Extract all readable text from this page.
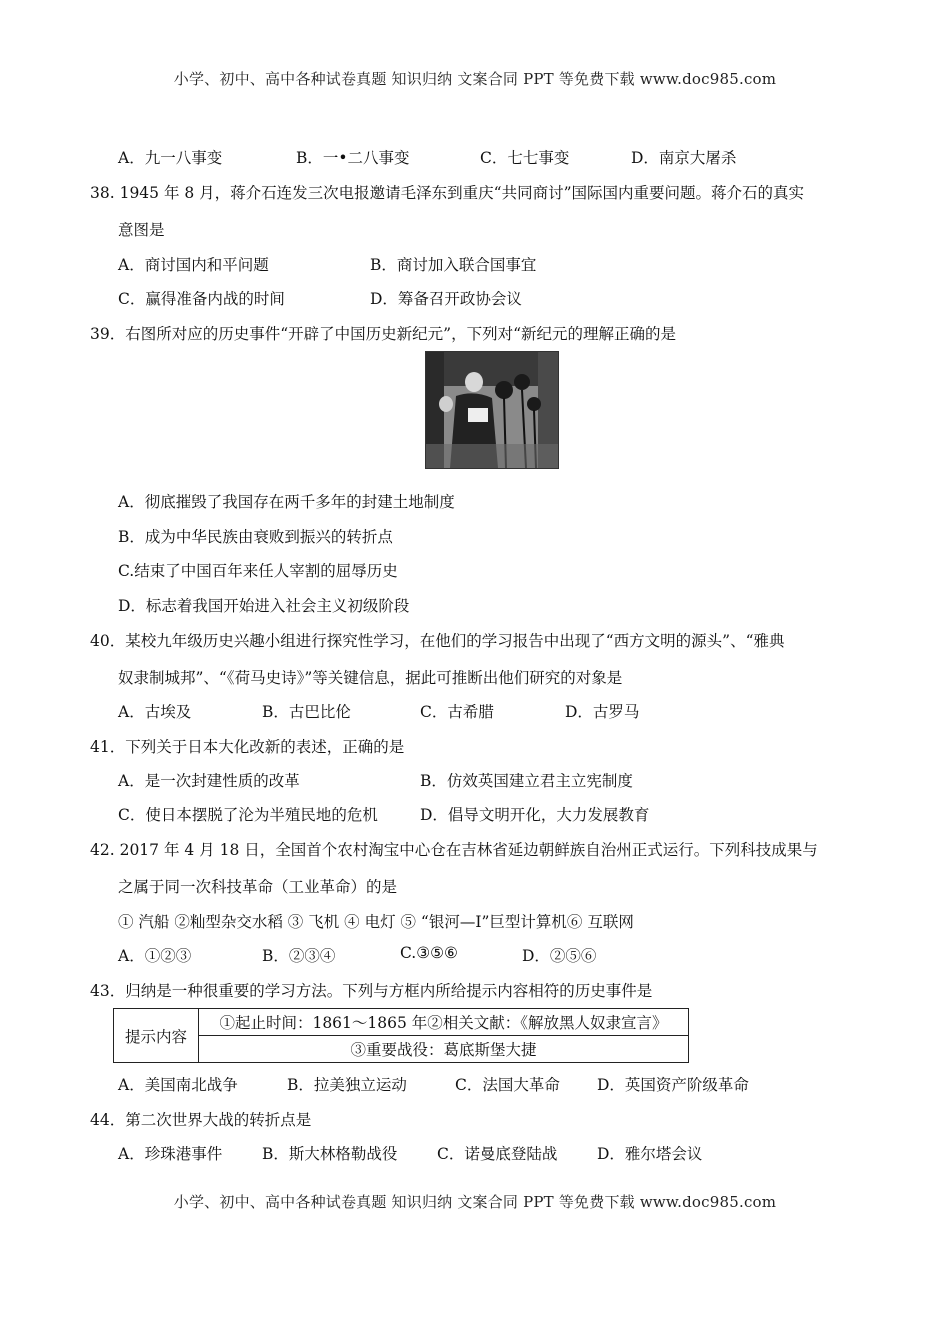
小学、初中、高中各种试卷真题 知识归纳 文案合同 PPT 等免费下载 www.doc985.com
A．九一八事变	B．一•二八事变	C．七七事变	D．南京大屠杀
38. 1945 年 8 月，蒋介石连发三次电报邀请毛泽东到重庆“共同商讨”国际国内重要问题。蒋介石的真实
意图是
A．商讨国内和平问题	B．商讨加入联合国事宜
C．赢得准备内战的时间	D．筹备召开政协会议
39．右图所对应的历史事件“开辟了中国历史新纪元”，下列对“新纪元的理解正确的是
A．彻底摧毁了我国存在两千多年的封建土地制度
B．成为中华民族由衰败到振兴的转折点
C.结束了中国百年来任人宰割的屈辱历史
D．标志着我国开始进入社会主义初级阶段
40．某校九年级历史兴趣小组进行探究性学习，在他们的学习报告中出现了“西方文明的源头”、“雅典
奴隶制城邦”、“《荷马史诗》”等关键信息，据此可推断出他们研究的对象是
A．古埃及	B．古巴比伦	C．古希腊	D．古罗马
41．下列关于日本大化改新的表述，正确的是
A．是一次封建性质的改革	B．仿效英国建立君主立宪制度
C．使日本摆脱了沦为半殖民地的危机	D．倡导文明开化，大力发展教育
42. 2017 年 4 月 18 日，全国首个农村淘宝中心仓在吉林省延边朝鲜族自治州正式运行。下列科技成果与
之属于同一次科技革命（工业革命）的是
① 汽船 ②籼型杂交水稻 ③ 飞机 ④ 电灯 ⑤ “银河—I”巨型计算机⑥ 互联网
A．①②③	B．②③④	C.③⑤⑥	D．②⑤⑥
43．归纳是一种很重要的学习方法。下列与方框内所给提示内容相符的历史事件是
提示内容	①起止时间：1861～1865 年②相关文献：《解放黑人奴隶宣言》
③重要战役：葛底斯堡大捷
A．美国南北战争	B．拉美独立运动	C．法国大革命 D．英国资产阶级革命
44．第二次世界大战的转折点是
A．珍珠港事件	B．斯大林格勒战役	C．诺曼底登陆战	D．雅尔塔会议
小学、初中、高中各种试卷真题 知识归纳 文案合同 PPT 等免费下载 www.doc985.com
